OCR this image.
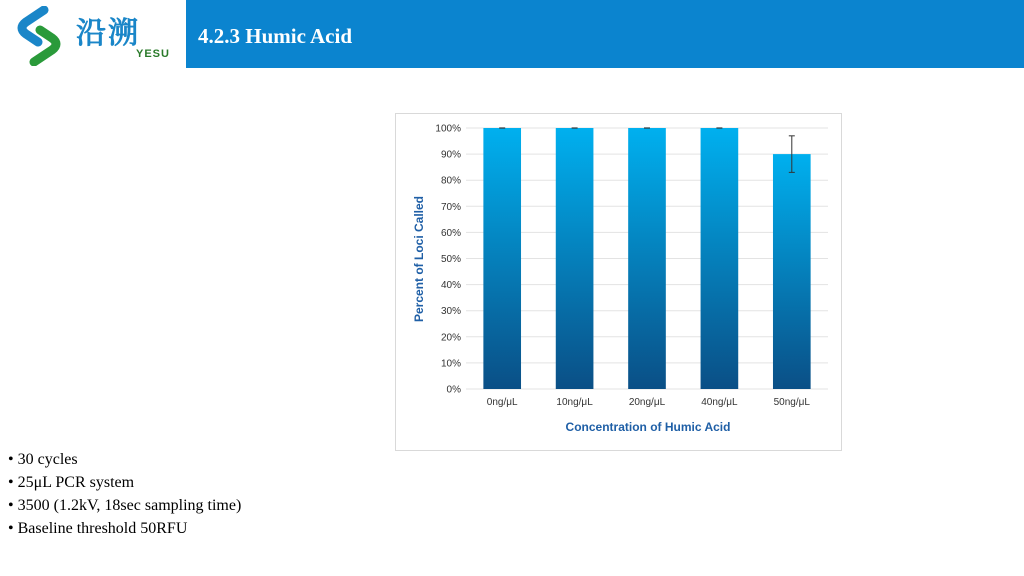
沿溯
YESU
4.2.3 Humic Acid
0%
10%
20%
30%
40%
50%
60%
70%
80%
90%
100%
0ng/μL	10ng/μL	20ng/μL	40ng/μL	50ng/μL
Percent of Loci Called
Concentration of Humic Acid
• 30 cycles
• 25μL PCR system
• 3500 (1.2kV, 18sec sampling time)
• Baseline threshold 50RFU
